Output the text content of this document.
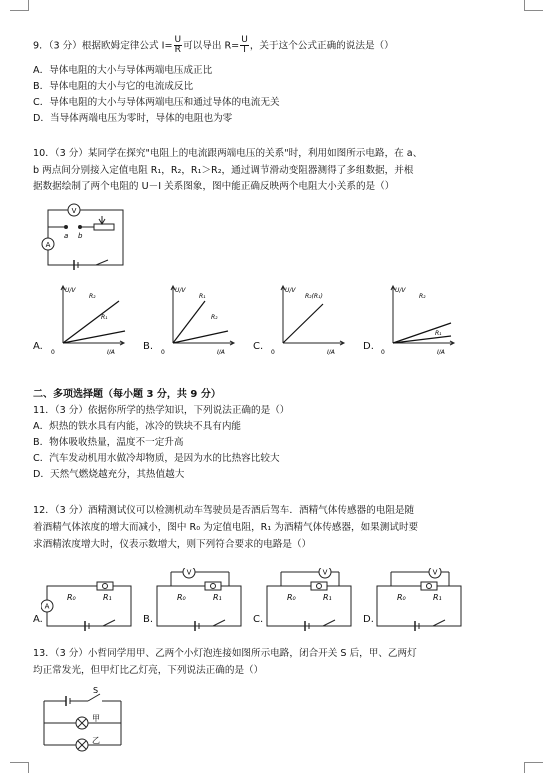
9．（3 分）根据欧姆定律公式 $I= \frac{U}{R}$ 可以导出 $R= \frac{U}{I}$ ，关于这个公式正确的说法是（）
A．导体电阻的大小与导体两端电压成正比
B．导体电阻的大小与它的电流成反比
C．导体电阻的大小与导体两端电压和通过导体的电流无关
D．当导体两端电压为零时，导体的电阻也为零
10．（3 分）某同学在探究"电阻上的电流跟两端电压的关系"时，利用如图所示电路，在 a、
b 两点间分别接入定值电阻 R₁，R₂，R₁＞R₂，通过调节滑动变阻器测得了多组数据，并根
据数据绘制了两个电阻的 U－I 关系图象，图中能正确反映两个电阻大小关系的是（）
V
A
a b
A.
U/V
I/A
0
R₂
R₁
B.
U/V
I/A
0
R₁
R₂
C.
U/V
I/A
0
R₂(R₁)
D.
U/V
I/A
0
R₂
R₁
二、多项选择题（每小题 3 分，共 9 分）
11．（3 分）依据你所学的热学知识，下列说法正确的是（）
A．炽热的铁水具有内能，冰冷的铁块不具有内能
B．物体吸收热量，温度不一定升高
C．汽车发动机用水做冷却物质，是因为水的比热容比较大
D．天然气燃烧越充分，其热值越大
12．（3 分）酒精测试仪可以检测机动车驾驶员是否酒后驾车．酒精气体传感器的电阻是随
着酒精气体浓度的增大而减小，图中 R₀ 为定值电阻，R₁ 为酒精气体传感器，如果测试时要
求酒精浓度增大时，仪表示数增大，则下列符合要求的电路是（）
A.
A
R₀	R₁
B.
V
R₀	R₁
C.
V
R₀	R₁
D.
V
R₀	R₁
13．（3 分）小哲同学用甲、乙两个小灯泡连接如图所示电路，闭合开关 S 后，甲、乙两灯
均正常发光，但甲灯比乙灯亮，下列说法正确的是（）
S
甲
乙
